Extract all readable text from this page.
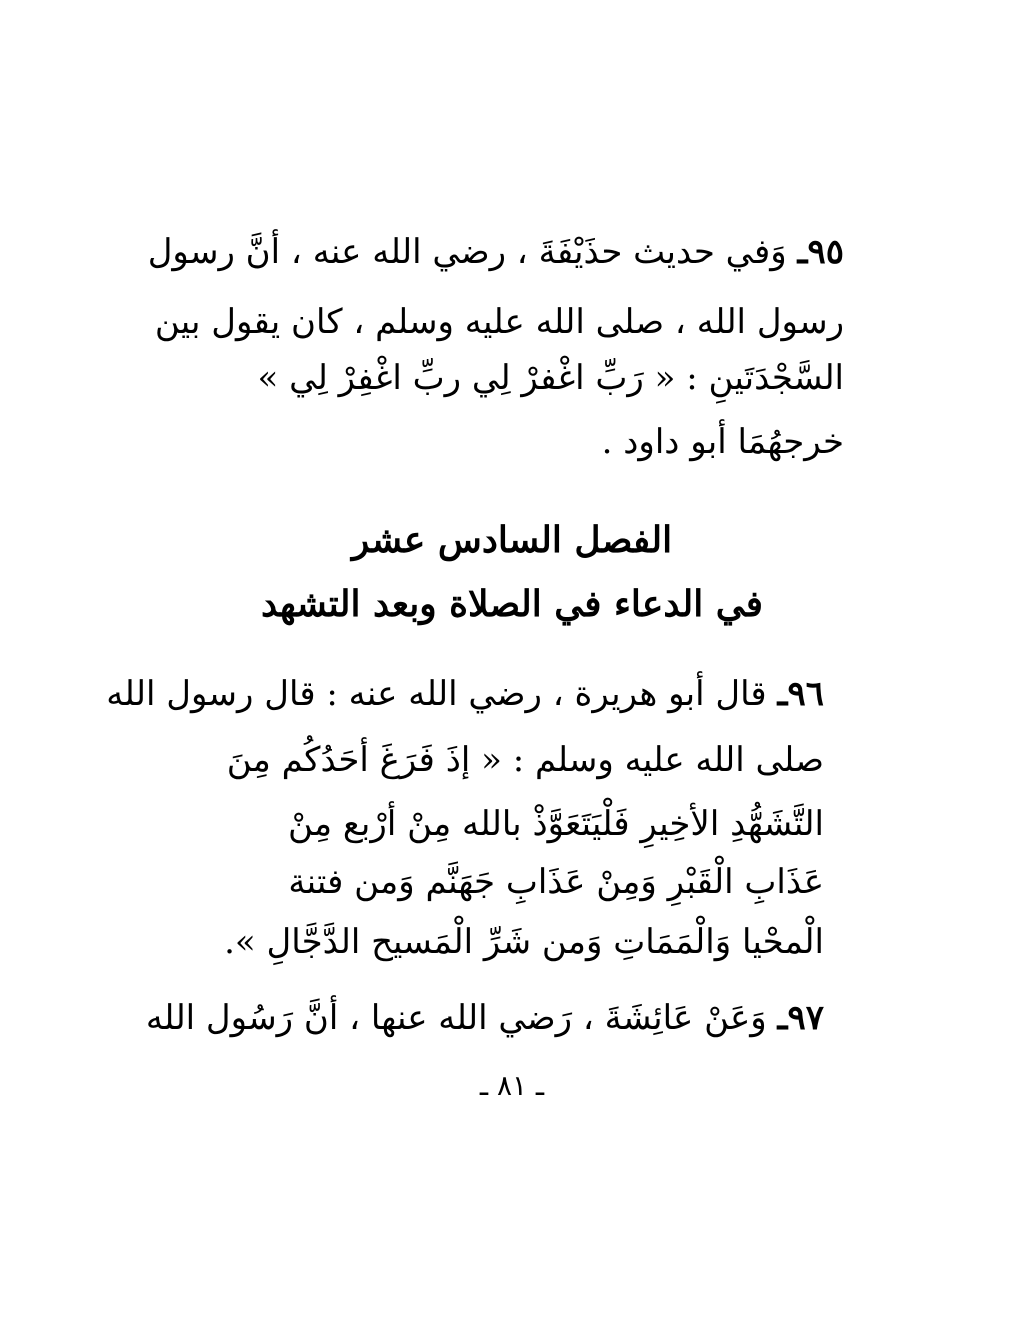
٩٥ـ وَفي حديث حذَيْفَةَ ، رضي الله عنه ، أنَّ رسول
رسول الله ، صلى الله عليه وسلم ، كان يقول بين
السَّجْدَتَينِ : « رَبِّ اغْفرْ لِي ربِّ اغْفِرْ لِي »
خرجهُمَا أبو داود .
الفصل السادس عشر
في الدعاء في الصلاة وبعد التشهد
٩٦ـ قال أبو هريرة ، رضي الله عنه : قال رسول الله
صلى الله عليه وسلم : « إذَ فَرَغَ أحَدُكُم مِنَ
التَّشَهُّدِ الأخِيرِ فَلْيَتَعَوَّذْ بالله مِنْ أرْبع مِنْ
عَذَابِ الْقَبْرِ وَمِنْ عَذَابِ جَهَنَّم وَمن فتنة
الْمحْيا وَالْمَمَاتِ وَمن شَرِّ الْمَسيح الدَّجَّالِ ».
٩٧ـ وَعَنْ عَائِشَةَ ، رَضي الله عنها ، أنَّ رَسُول الله
ـ ٨١ ـ
